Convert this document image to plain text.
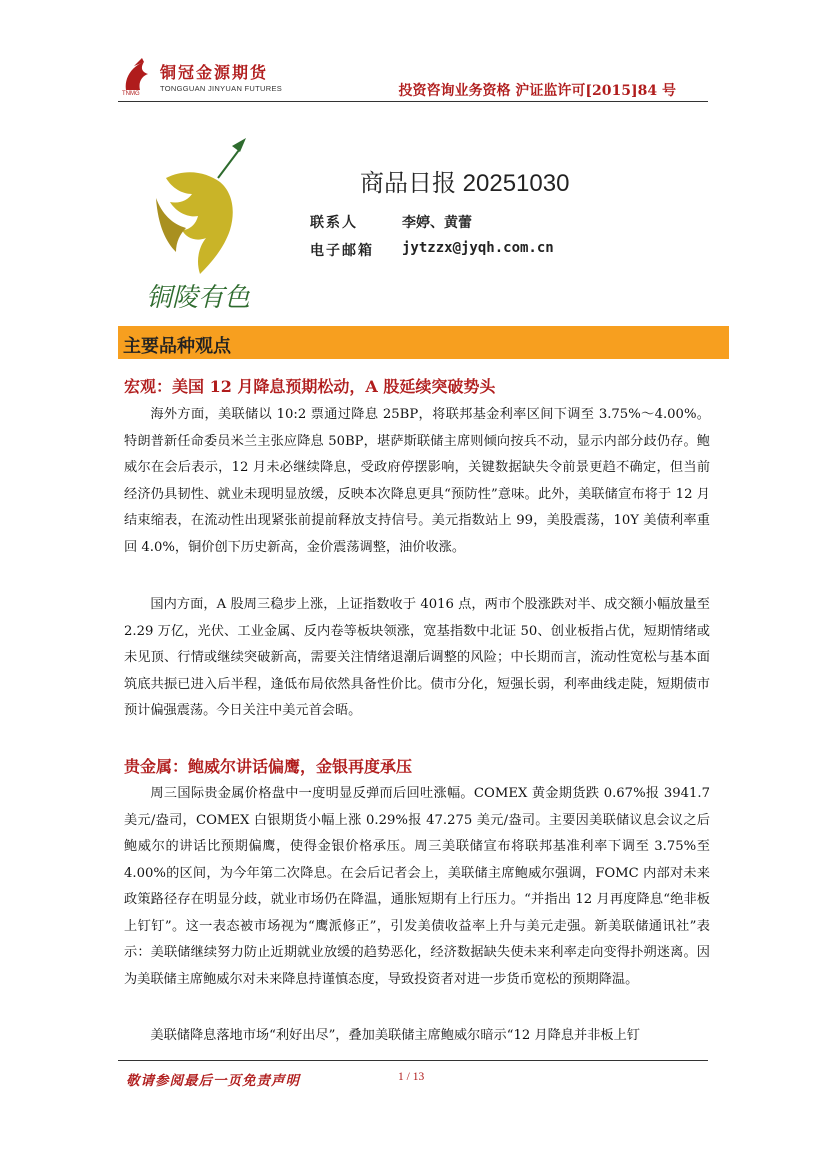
铜冠金源期货
TONGGUAN JINYUAN FUTURES
TNMG	投资咨询业务资格 沪证监许可[2015]84 号
铜陵有色
商品日报 20251030
联系人	李婷、黄蕾
电子邮箱 jytzzx@jyqh.com.cn
主要品种观点
宏观：美国 12 月降息预期松动，A 股延续突破势头
海外方面，美联储以 10:2 票通过降息 25BP，将联邦基金利率区间下调至 3.75%～4.00%。特朗普新任命委员米兰主张应降息 50BP，堪萨斯联储主席则倾向按兵不动，显示内部分歧仍存。鲍威尔在会后表示，12 月未必继续降息，受政府停摆影响，关键数据缺失令前景更趋不确定，但当前经济仍具韧性、就业未现明显放缓，反映本次降息更具“预防性”意味。此外，美联储宣布将于 12 月结束缩表，在流动性出现紧张前提前释放支持信号。美元指数站上 99，美股震荡，10Y 美债利率重回 4.0%，铜价创下历史新高，金价震荡调整，油价收涨。
国内方面，A 股周三稳步上涨，上证指数收于 4016 点，两市个股涨跌对半、成交额小幅放量至 2.29 万亿，光伏、工业金属、反内卷等板块领涨，宽基指数中北证 50、创业板指占优，短期情绪或未见顶、行情或继续突破新高，需要关注情绪退潮后调整的风险；中长期而言，流动性宽松与基本面筑底共振已进入后半程，逢低布局依然具备性价比。债市分化，短强长弱，利率曲线走陡，短期债市预计偏强震荡。今日关注中美元首会晤。
贵金属：鲍威尔讲话偏鹰，金银再度承压
周三国际贵金属价格盘中一度明显反弹而后回吐涨幅。COMEX 黄金期货跌 0.67%报 3941.7 美元/盎司，COMEX 白银期货小幅上涨 0.29%报 47.275 美元/盎司。主要因美联储议息会议之后鲍威尔的讲话比预期偏鹰，使得金银价格承压。周三美联储宣布将联邦基准利率下调至 3.75%至 4.00%的区间，为今年第二次降息。在会后记者会上，美联储主席鲍威尔强调，FOMC 内部对未来政策路径存在明显分歧，就业市场仍在降温，通胀短期有上行压力。“并指出 12 月再度降息“绝非板上钉钉”。这一表态被市场视为“鹰派修正”，引发美债收益率上升与美元走强。新美联储通讯社”表示：美联储继续努力防止近期就业放缓的趋势恶化，经济数据缺失使未来利率走向变得扑朔迷离。因为美联储主席鲍威尔对未来降息持谨慎态度，导致投资者对进一步货币宽松的预期降温。
美联储降息落地市场“利好出尽”，叠加美联储主席鲍威尔暗示“12 月降息并非板上钉
敬请参阅最后一页免责声明	1 / 13
